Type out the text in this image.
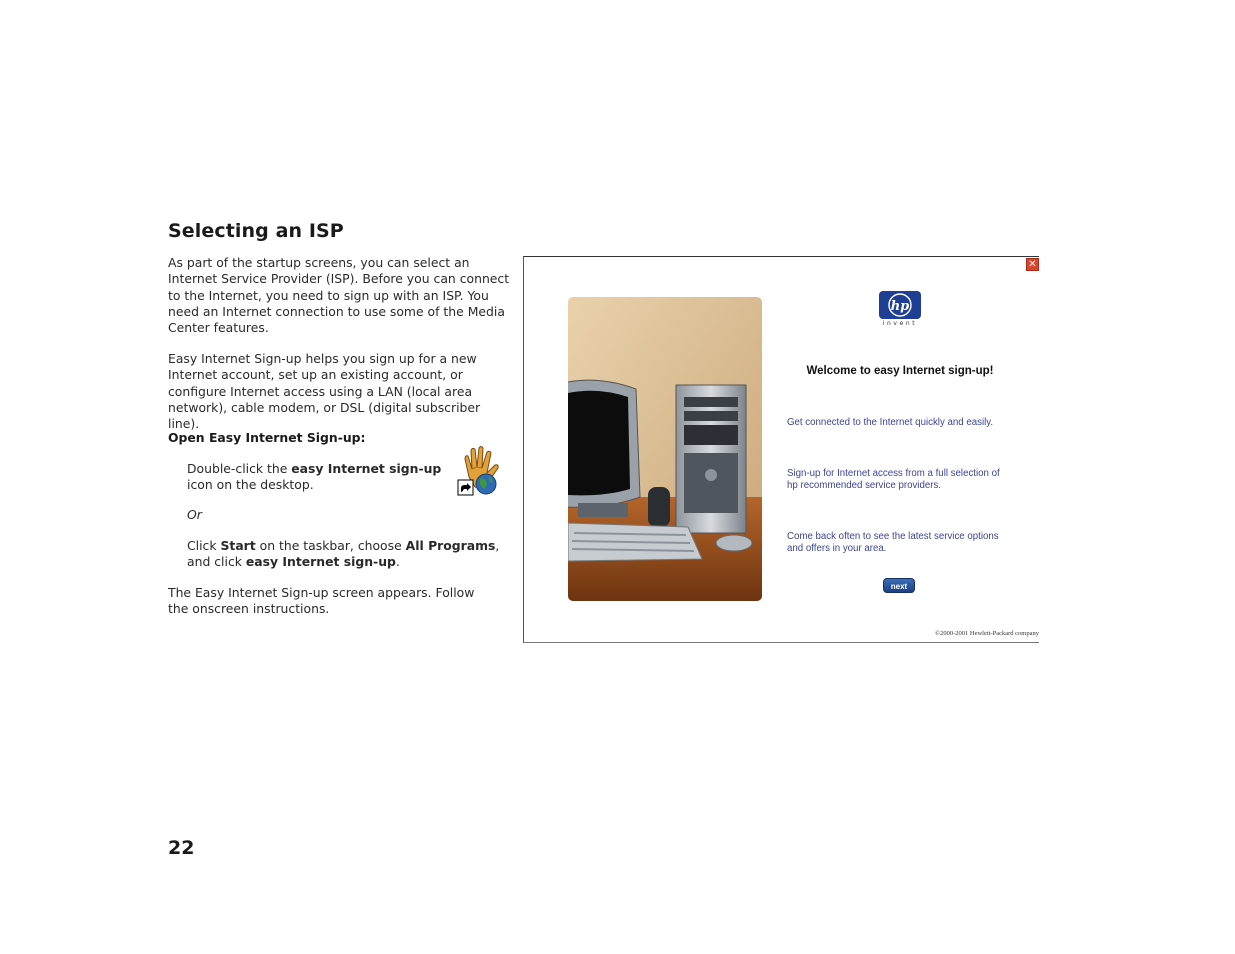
Selecting an ISP
As part of the startup screens, you can select an Internet Service Provider (ISP). Before you can connect to the Internet, you need to sign up with an ISP. You need an Internet connection to use some of the Media Center features.
Easy Internet Sign-up helps you sign up for a new Internet account, set up an existing account, or configure Internet access using a LAN (local area network), cable modem, or DSL (digital subscriber line).
Open Easy Internet Sign-up:
Double-click the easy Internet sign-up icon on the desktop.
Or
Click Start on the taskbar, choose All Programs, and click easy Internet sign-up.
The Easy Internet Sign-up screen appears. Follow the onscreen instructions.
22
✕
hp
invent
Welcome to easy Internet sign-up!
Get connected to the Internet quickly and easily.
Sign-up for Internet access from a full selection of hp recommended service providers.
Come back often to see the latest service options and offers in your area.
next
©2000-2001 Hewlett-Packard company
